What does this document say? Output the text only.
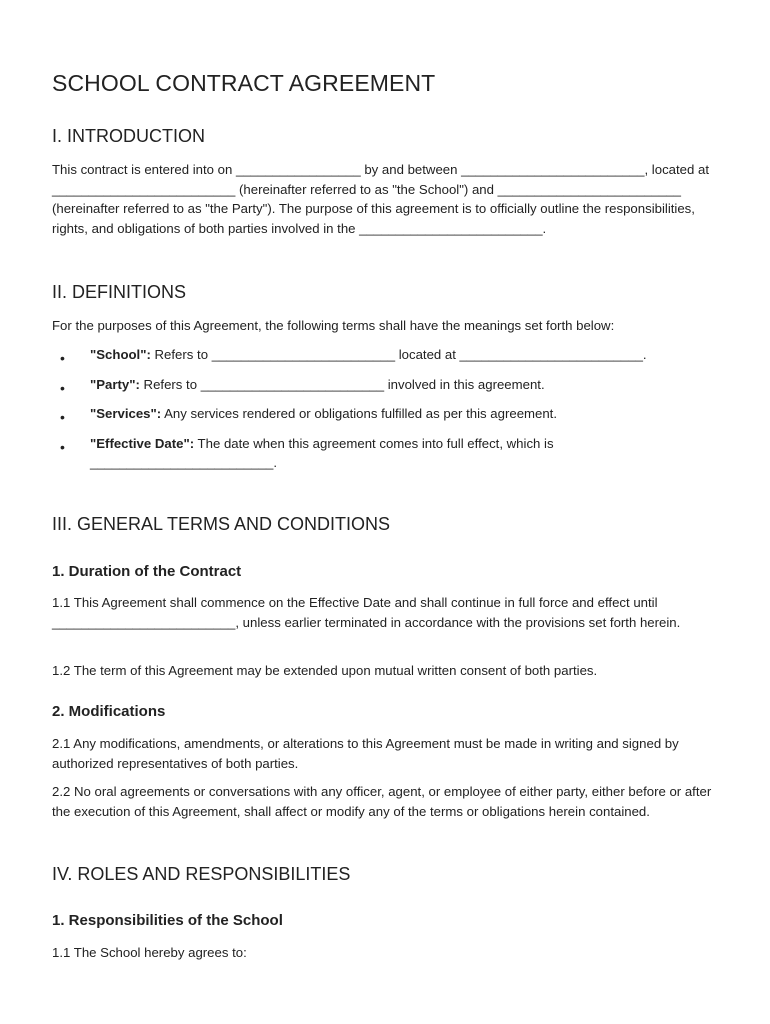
SCHOOL CONTRACT AGREEMENT
I. INTRODUCTION

This contract is entered into on _________________ by and between _________________________, located at _________________________ (hereinafter referred to as "the School") and _________________________ (hereinafter referred to as "the Party"). The purpose of this agreement is to officially outline the responsibilities, rights, and obligations of both parties involved in the _________________________.

II. DEFINITIONS

For the purposes of this Agreement, the following terms shall have the meanings set forth below:

• "School": Refers to _________________________ located at _________________________.
• "Party": Refers to _________________________ involved in this agreement.
• "Services": Any services rendered or obligations fulfilled as per this agreement.
• "Effective Date": The date when this agreement comes into full effect, which is _________________________.
III. GENERAL TERMS AND CONDITIONS
1. Duration of the Contract

1.1 This Agreement shall commence on the Effective Date and shall continue in full force and effect until _________________________, unless earlier terminated in accordance with the provisions set forth herein.

1.2 The term of this Agreement may be extended upon mutual written consent of both parties.

2. Modifications

2.1 Any modifications, amendments, or alterations to this Agreement must be made in writing and signed by authorized representatives of both parties.

2.2 No oral agreements or conversations with any officer, agent, or employee of either party, either before or after the execution of this Agreement, shall affect or modify any of the terms or obligations herein contained.

IV. ROLES AND RESPONSIBILITIES
1. Responsibilities of the School

1.1 The School hereby agrees to:
